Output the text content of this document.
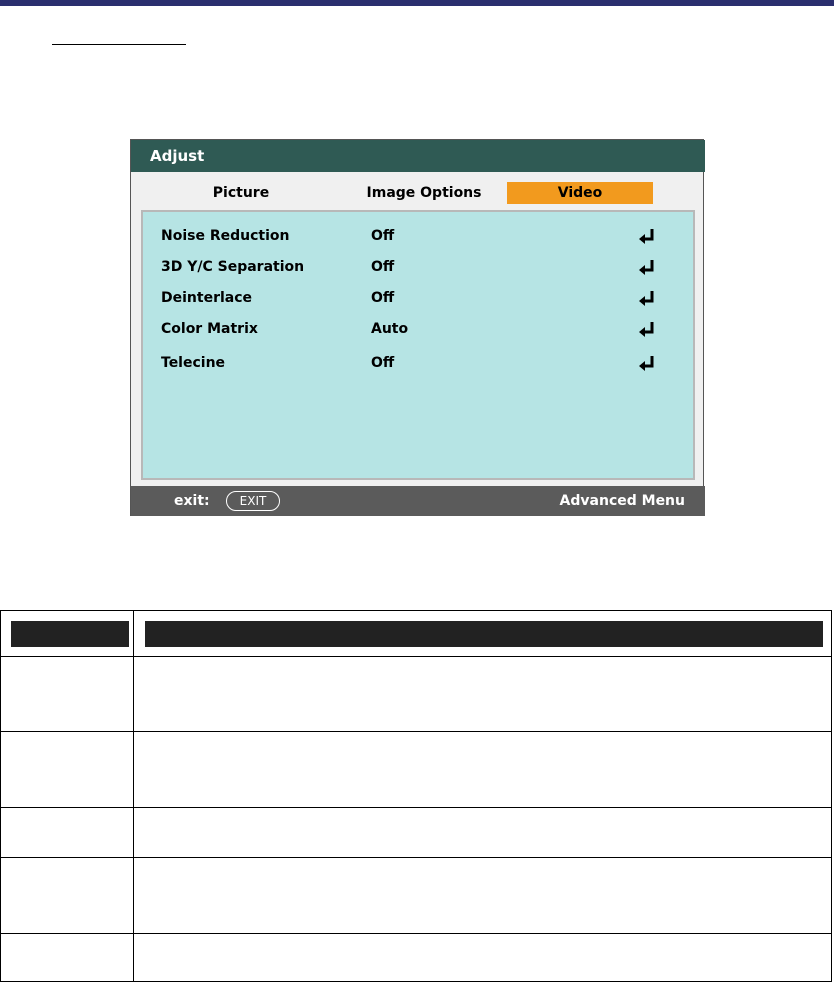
Adjust
Picture	Image Options	Video
Noise Reduction	Off
3D Y/C Separation	Off
Deinterlace	Off
Color Matrix	Auto
Telecine	Off
exit:	EXIT	Advanced Menu
